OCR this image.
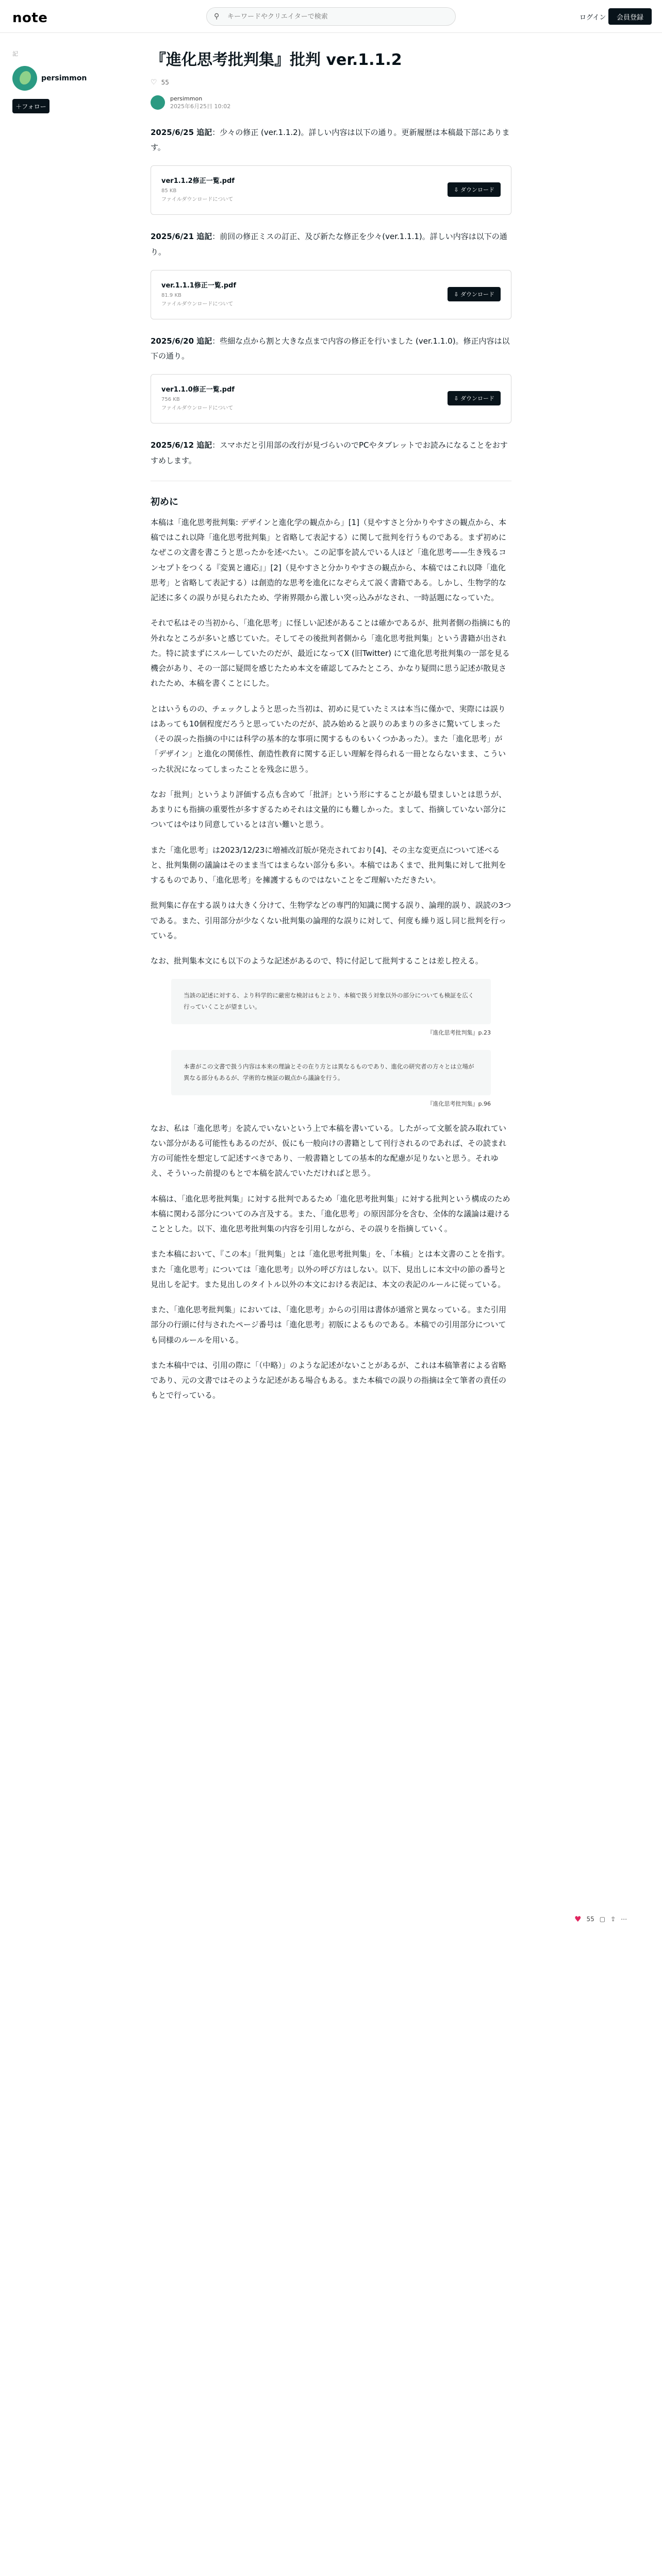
note	⚲
キーワードやクリエイターで検索	ログイン	会員登録
記
persimmon
＋フォロー
『進化思考批判集』批判 ver.1.1.2
♡ 55
persimmon
2025年6月25日 10:02

2025/6/25 追記：少々の修正 (ver.1.1.2)。詳しい内容は以下の通り。更新履歴は本稿最下部にあります。

ver1.1.2修正一覧.pdf
85 KB
ファイルダウンロードについて
⇩ ダウンロード

2025/6/21 追記：前回の修正ミスの訂正、及び新たな修正を少々(ver.1.1.1)。詳しい内容は以下の通り。

ver.1.1.1修正一覧.pdf
81.9 KB
ファイルダウンロードについて
⇩ ダウンロード

2025/6/20 追記：些細な点から割と大きな点まで内容の修正を行いました (ver.1.1.0)。修正内容は以下の通り。

ver1.1.0修正一覧.pdf
756 KB
ファイルダウンロードについて
⇩ ダウンロード

2025/6/12 追記：スマホだと引用部の改行が見づらいのでPCやタブレットでお読みになることをおすすめします。

初めに

本稿は「進化思考批判集: デザインと進化学の観点から」[1]（見やすさと分かりやすさの観点から、本稿ではこれ以降「進化思考批判集」と省略して表記する）に関して批判を行うものである。まず初めになぜこの文書を書こうと思ったかを述べたい。この記事を読んでいる人ほど「進化思考——生き残るコンセプトをつくる『変異と適応』」[2]（見やすさと分かりやすさの観点から、本稿ではこれ以降「進化思考」と省略して表記する）は創造的な思考を進化になぞらえて説く書籍である。しかし、生物学的な記述に多くの誤りが見られたため、学術界隈から激しい突っ込みがなされ、一時話題になっていた。

それで私はその当初から、「進化思考」に怪しい記述があることは確かであるが、批判者側の指摘にも的外れなところが多いと感じていた。そしてその後批判者側から「進化思考批判集」という書籍が出された。特に読まずにスルーしていたのだが、最近になってX (旧Twitter) にて進化思考批判集の一部を見る機会があり、その一部に疑問を感じたため本文を確認してみたところ、かなり疑問に思う記述が散見されたため、本稿を書くことにした。

とはいうものの、チェックしようと思った当初は、初めに見ていたミスは本当に僅かで、実際には誤りはあっても10個程度だろうと思っていたのだが、読み始めると誤りのあまりの多さに驚いてしまった（その誤った指摘の中には科学の基本的な事項に関するものもいくつかあった）。また「進化思考」が「デザイン」と進化の関係性、創造性教育に関する正しい理解を得られる一冊とならないまま、こういった状況になってしまったことを残念に思う。

なお「批判」というより評価する点も含めて「批評」という形にすることが最も望ましいとは思うが、あまりにも指摘の重要性が多すぎるためそれは文量的にも難しかった。まして、指摘していない部分についてはやはり同意しているとは言い難いと思う。

また「進化思考」は2023/12/23に増補改訂版が発売されており[4]、その主な変更点について述べると、批判集側の議論はそのまま当てはまらない部分も多い。本稿ではあくまで、批判集に対して批判をするものであり、「進化思考」を擁護するものではないことをご理解いただきたい。

批判集に存在する誤りは大きく分けて、生物学などの専門的知識に関する誤り、論理的誤り、誤読の3つである。また、引用部分が少なくない批判集の論理的な誤りに対して、何度も繰り返し同じ批判を行っている。

なお、批判集本文にも以下のような記述があるので、特に付記して批判することは差し控える。

当該の記述に対する、より科学的に厳密な検討はもとより、本稿で扱う対象以外の部分についても検証を広く行っていくことが望ましい。

『進化思考批判集』p.23

本書がこの文書で扱う内容は本来の理論とその在り方とは異なるものであり、進化の研究者の方々とは立場が異なる部分もあるが、学術的な検証の観点から議論を行う。

『進化思考批判集』p.96

なお、私は「進化思考」を読んでいないという上で本稿を書いている。したがって文脈を読み取れていない部分がある可能性もあるのだが、仮にも一般向けの書籍として刊行されるのであれば、その読まれ方の可能性を想定して記述すべきであり、一般書籍としての基本的な配慮が足りないと思う。それゆえ、そういった前提のもとで本稿を読んでいただければと思う。

本稿は、「進化思考批判集」に対する批判であるため「進化思考批判集」に対する批判という構成のため本稿に関わる部分についてのみ言及する。また、「進化思考」の原因部分を含む、全体的な議論は避けることとした。以下、進化思考批判集の内容を引用しながら、その誤りを指摘していく。

また本稿において、『この本』「批判集」とは「進化思考批判集」を、「本稿」とは本文書のことを指す。また「進化思考」については「進化思考」以外の呼び方はしない。以下、見出しに本文中の節の番号と見出しを記す。また見出しのタイトル以外の本文における表記は、本文の表記のルールに従っている。

また、「進化思考批判集」においては、「進化思考」からの引用は書体が通常と異なっている。また引用部分の行頭に付与されたページ番号は「進化思考」初版によるものである。本稿での引用部分についても同様のルールを用いる。

また本稿中では、引用の際に「（中略）」のような記述がないことがあるが、これは本稿筆者による省略であり、元の文書ではそのような記述がある場合もある。また本稿での誤りの指摘は全て筆者の責任のもとで行っている。

♥ 55 ▢ ⇪ ⋯
